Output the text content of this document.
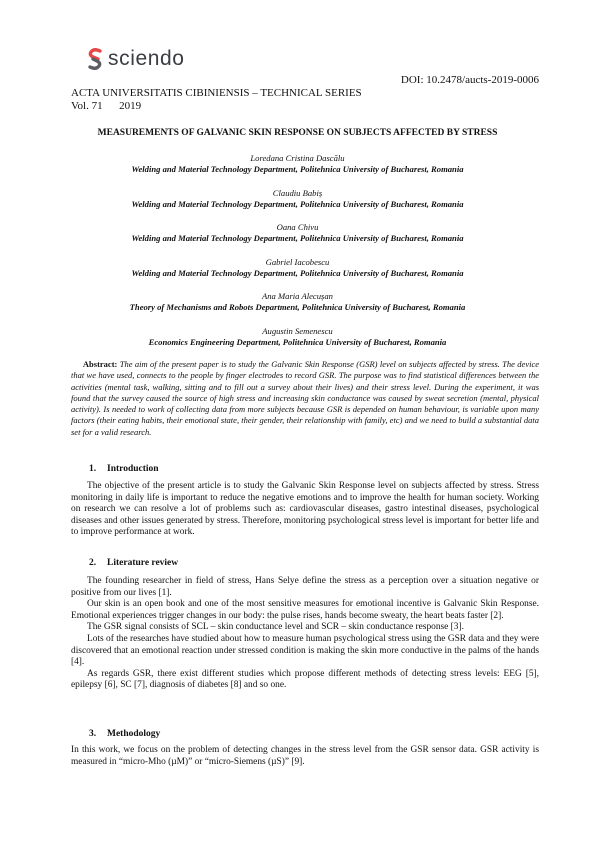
sciendo
DOI: 10.2478/aucts-2019-0006
ACTA UNIVERSITATIS CIBINIENSIS – TECHNICAL SERIES
Vol. 71 2019
MEASUREMENTS OF GALVANIC SKIN RESPONSE ON SUBJECTS AFFECTED BY STRESS
Loredana Cristina Dascălu
Welding and Material Technology Department, Politehnica University of Bucharest, Romania
Claudiu Babiș
Welding and Material Technology Department, Politehnica University of Bucharest, Romania
Oana Chivu
Welding and Material Technology Department, Politehnica University of Bucharest, Romania
Gabriel Iacobescu
Welding and Material Technology Department, Politehnica University of Bucharest, Romania
Ana Maria Alecușan
Theory of Mechanisms and Robots Department, Politehnica University of Bucharest, Romania
Augustin Semenescu
Economics Engineering Department, Politehnica University of Bucharest, Romania
Abstract: The aim of the present paper is to study the Galvanic Skin Response (GSR) level on subjects affected by stress. The device that we have used, connects to the people by finger electrodes to record GSR. The purpose was to find statistical differences between the activities (mental task, walking, sitting and to fill out a survey about their lives) and their stress level. During the experiment, it was found that the survey caused the source of high stress and increasing skin conductance was caused by sweat secretion (mental, physical activity). Is needed to work of collecting data from more subjects because GSR is depended on human behaviour, is variable upon many factors (their eating habits, their emotional state, their gender, their relationship with family, etc) and we need to build a substantial data set for a valid research.
1. Introduction

The objective of the present article is to study the Galvanic Skin Response level on subjects affected by stress. Stress monitoring in daily life is important to reduce the negative emotions and to improve the health for human society. Working on research we can resolve a lot of problems such as: cardiovascular diseases, gastro intestinal diseases, psychological diseases and other issues generated by stress. Therefore, monitoring psychological stress level is important for better life and to improve performance at work.

2. Literature review

The founding researcher in field of stress, Hans Selye define the stress as a perception over a situation negative or positive from our lives [1].

Our skin is an open book and one of the most sensitive measures for emotional incentive is Galvanic Skin Response. Emotional experiences trigger changes in our body: the pulse rises, hands become sweaty, the heart beats faster [2].

The GSR signal consists of SCL – skin conductance level and SCR – skin conductance response [3].

Lots of the researches have studied about how to measure human psychological stress using the GSR data and they were discovered that an emotional reaction under stressed condition is making the skin more conductive in the palms of the hands [4].

As regards GSR, there exist different studies which propose different methods of detecting stress levels: EEG [5], epilepsy [6], SC [7], diagnosis of diabetes [8] and so one.

3. Methodology

In this work, we focus on the problem of detecting changes in the stress level from the GSR sensor data. GSR activity is measured in “micro-Mho (µM)” or “micro-Siemens (µS)” [9].
